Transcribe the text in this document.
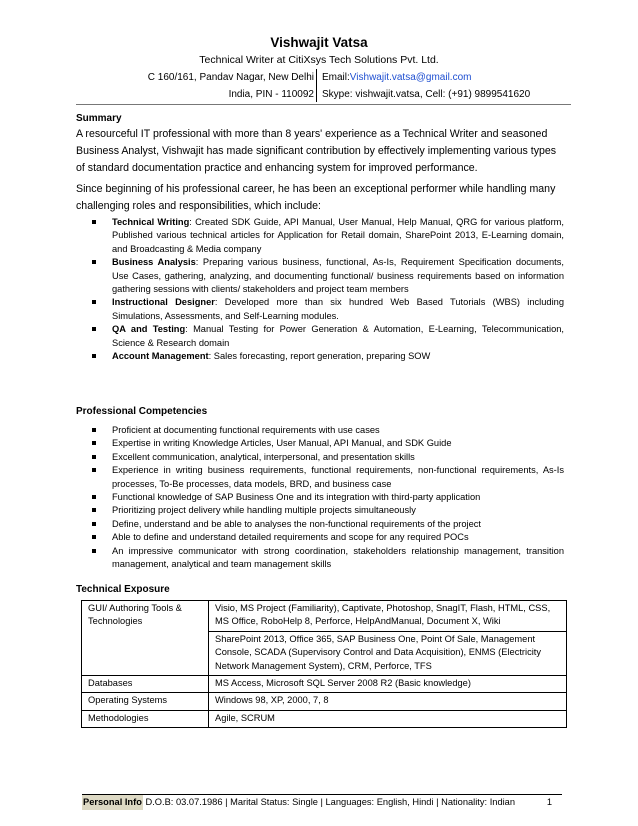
Vishwajit Vatsa
Technical Writer at CitiXsys Tech Solutions Pvt. Ltd.
C 160/161, Pandav Nagar, New Delhi
India, PIN - 110092
Email:Vishwajit.vatsa@gmail.com
Skype: vishwajit.vatsa, Cell: (+91) 9899541620
Summary
A resourceful IT professional with more than 8 years' experience as a Technical Writer and seasoned Business Analyst, Vishwajit has made significant contribution by effectively implementing various types of standard documentation practice and enhancing system for improved performance.
Since beginning of his professional career, he has been an exceptional performer while handling many challenging roles and responsibilities, which include:
Technical Writing: Created SDK Guide, API Manual, User Manual, Help Manual, QRG for various platform, Published various technical articles for Application for Retail domain, SharePoint 2013, E-Learning domain, and Broadcasting & Media company
Business Analysis: Preparing various business, functional, As-Is, Requirement Specification documents, Use Cases, gathering, analyzing, and documenting functional/ business requirements based on information gathering sessions with clients/ stakeholders and project team members
Instructional Designer: Developed more than six hundred Web Based Tutorials (WBS) including Simulations, Assessments, and Self-Learning modules.
QA and Testing: Manual Testing for Power Generation & Automation, E-Learning, Telecommunication, Science & Research domain
Account Management: Sales forecasting, report generation, preparing SOW
Professional Competencies
Proficient at documenting functional requirements with use cases
Expertise in writing Knowledge Articles, User Manual, API Manual, and SDK Guide
Excellent communication, analytical, interpersonal, and presentation skills
Experience in writing business requirements, functional requirements, non-functional requirements, As-Is processes, To-Be processes, data models, BRD, and business case
Functional knowledge of SAP Business One and its integration with third-party application
Prioritizing project delivery while handling multiple projects simultaneously
Define, understand and be able to analyses the non-functional requirements of the project
Able to define and understand detailed requirements and scope for any required POCs
An impressive communicator with strong coordination, stakeholders relationship management, transition management, analytical and team management skills
Technical Exposure
GUI/ Authoring Tools & Technologies	Visio, MS Project (Familiarity), Captivate, Photoshop, SnagIT, Flash, HTML, CSS, MS Office, RoboHelp 8, Perforce, HelpAndManual, Document X, Wiki
	SharePoint 2013, Office 365, SAP Business One, Point Of Sale, Management Console, SCADA (Supervisory Control and Data Acquisition), ENMS (Electricity Network Management System), CRM, Perforce, TFS
Databases	MS Access, Microsoft SQL Server 2008 R2 (Basic knowledge)
Operating Systems	Windows 98, XP, 2000, 7, 8
Methodologies	Agile, SCRUM
Personal Info D.O.B: 03.07.1986 | Marital Status: Single | Languages: English, Hindi | Nationality: Indian	1
